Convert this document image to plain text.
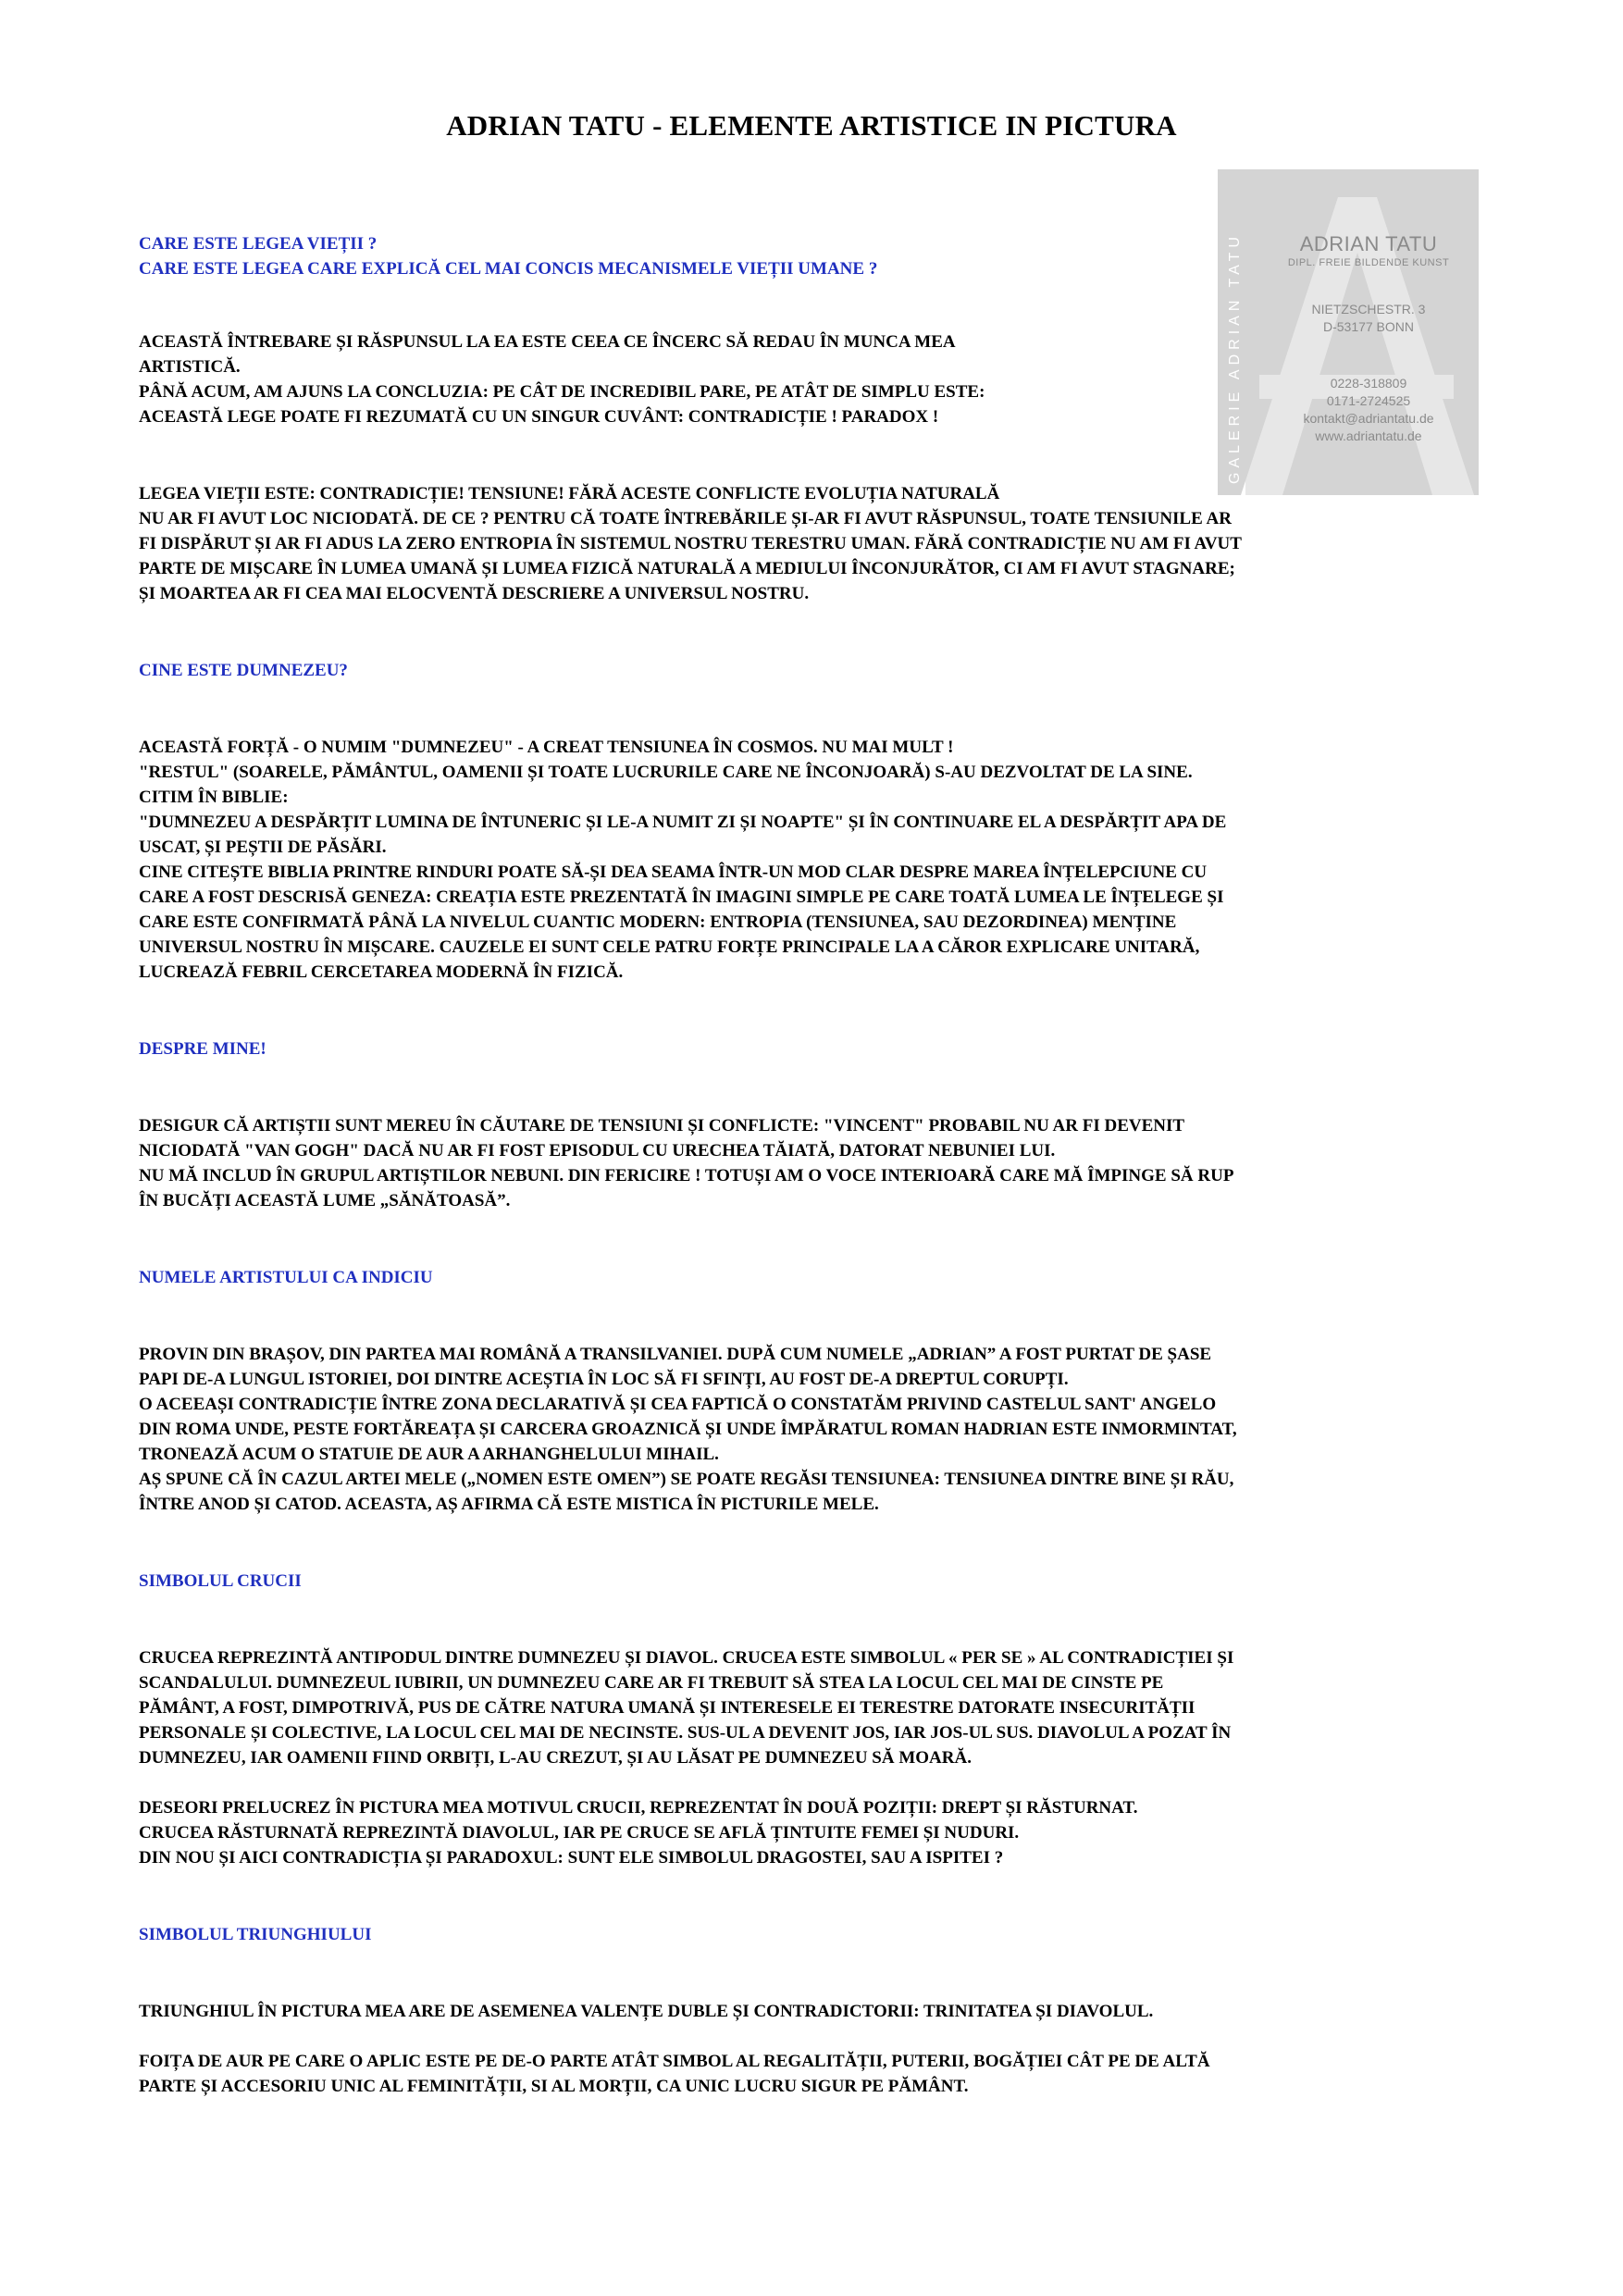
ADRIAN TATU - ELEMENTE ARTISTICE IN PICTURA
GALERIE ADRIAN TATU	ADRIAN TATU
DIPL. FREIE BILDENDE KUNST
NIETZSCHESTR. 3
D-53177 BONN
0228-318809
0171-2724525
kontakt@adriantatu.de
www.adriantatu.de
CARE ESTE LEGEA VIEȚII ?
CARE ESTE LEGEA CARE EXPLICĂ CEL MAI CONCIS MECANISMELE VIEȚII UMANE ?
ACEASTĂ ÎNTREBARE ȘI RĂSPUNSUL LA EA ESTE CEEA CE ÎNCERC SĂ REDAU ÎN MUNCA MEA
ARTISTICĂ.
PÂNĂ ACUM, AM AJUNS LA CONCLUZIA: PE CÂT DE INCREDIBIL PARE, PE ATÂT DE SIMPLU ESTE:
ACEASTĂ LEGE POATE FI REZUMATĂ CU UN SINGUR CUVÂNT: CONTRADICȚIE ! PARADOX !
LEGEA VIEȚII ESTE: CONTRADICȚIE! TENSIUNE! FĂRĂ ACESTE CONFLICTE EVOLUȚIA NATURALĂ
NU AR FI AVUT LOC NICIODATĂ. DE CE ? PENTRU CĂ TOATE ÎNTREBĂRILE ȘI-AR FI AVUT RĂSPUNSUL, TOATE TENSIUNILE AR
FI DISPĂRUT ȘI AR FI ADUS LA ZERO ENTROPIA ÎN SISTEMUL NOSTRU TERESTRU UMAN. FĂRĂ CONTRADICȚIE NU AM FI AVUT
PARTE DE MIȘCARE ÎN LUMEA UMANĂ ȘI LUMEA FIZICĂ NATURALĂ A MEDIULUI ÎNCONJURĂTOR, CI AM FI AVUT STAGNARE;
ȘI MOARTEA AR FI CEA MAI ELOCVENTĂ DESCRIERE A UNIVERSUL NOSTRU.
CINE ESTE DUMNEZEU?
ACEASTĂ FORȚĂ - O NUMIM "DUMNEZEU" - A CREAT TENSIUNEA ÎN COSMOS. NU MAI MULT !
"RESTUL" (SOARELE, PĂMÂNTUL, OAMENII ȘI TOATE LUCRURILE CARE NE ÎNCONJOARĂ) S-AU DEZVOLTAT DE LA SINE.
CITIM ÎN BIBLIE:
"DUMNEZEU A DESPĂRȚIT LUMINA DE ÎNTUNERIC ȘI LE-A NUMIT ZI ȘI NOAPTE" ȘI ÎN CONTINUARE EL A DESPĂRȚIT APA DE
USCAT, ȘI PEȘTII DE PĂSĂRI.
CINE CITEȘTE BIBLIA PRINTRE RINDURI POATE SĂ-ȘI DEA SEAMA ÎNTR-UN MOD CLAR DESPRE MAREA ÎNȚELEPCIUNE CU
CARE A FOST DESCRISĂ GENEZA: CREAȚIA ESTE PREZENTATĂ ÎN IMAGINI SIMPLE PE CARE TOATĂ LUMEA LE ÎNȚELEGE ȘI
CARE ESTE CONFIRMATĂ PÂNĂ LA NIVELUL CUANTIC MODERN: ENTROPIA (TENSIUNEA, SAU DEZORDINEA) MENȚINE
UNIVERSUL NOSTRU ÎN MIȘCARE. CAUZELE EI SUNT CELE PATRU FORȚE PRINCIPALE LA A CĂROR EXPLICARE UNITARĂ,
LUCREAZĂ FEBRIL CERCETAREA MODERNĂ ÎN FIZICĂ.
DESPRE MINE!
DESIGUR CĂ ARTIȘTII SUNT MEREU ÎN CĂUTARE DE TENSIUNI ȘI CONFLICTE: "VINCENT" PROBABIL NU AR FI DEVENIT
NICIODATĂ "VAN GOGH" DACĂ NU AR FI FOST EPISODUL CU URECHEA TĂIATĂ, DATORAT NEBUNIEI LUI.
NU MĂ INCLUD ÎN GRUPUL ARTIȘTILOR NEBUNI. DIN FERICIRE ! TOTUȘI AM O VOCE INTERIOARĂ CARE MĂ ÎMPINGE SĂ RUP
ÎN BUCĂȚI ACEASTĂ LUME „SĂNĂTOASĂ”.
NUMELE ARTISTULUI CA INDICIU
PROVIN DIN BRAȘOV, DIN PARTEA MAI ROMÂNĂ A TRANSILVANIEI. DUPĂ CUM NUMELE „ADRIAN” A FOST PURTAT DE ȘASE
PAPI DE-A LUNGUL ISTORIEI, DOI DINTRE ACEȘTIA ÎN LOC SĂ FI SFINȚI, AU FOST DE-A DREPTUL CORUPȚI.
O ACEEAȘI CONTRADICȚIE ÎNTRE ZONA DECLARATIVĂ ȘI CEA FAPTICĂ O CONSTATĂM PRIVIND CASTELUL SANT' ANGELO
DIN ROMA UNDE, PESTE FORTĂREAȚA ȘI CARCERA GROAZNICĂ ȘI UNDE ÎMPĂRATUL ROMAN HADRIAN ESTE INMORMINTAT,
TRONEAZĂ ACUM O STATUIE DE AUR A ARHANGHELULUI MIHAIL.
AȘ SPUNE CĂ ÎN CAZUL ARTEI MELE („NOMEN ESTE OMEN”) SE POATE REGĂSI TENSIUNEA: TENSIUNEA DINTRE BINE ȘI RĂU,
ÎNTRE ANOD ȘI CATOD. ACEASTA, AȘ AFIRMA CĂ ESTE MISTICA ÎN PICTURILE MELE.
SIMBOLUL CRUCII
CRUCEA REPREZINTĂ ANTIPODUL DINTRE DUMNEZEU ȘI DIAVOL. CRUCEA ESTE SIMBOLUL « PER SE » AL CONTRADICȚIEI ȘI
SCANDALULUI. DUMNEZEUL IUBIRII, UN DUMNEZEU CARE AR FI TREBUIT SĂ STEA LA LOCUL CEL MAI DE CINSTE PE
PĂMÂNT, A FOST, DIMPOTRIVĂ, PUS DE CĂTRE NATURA UMANĂ ȘI INTERESELE EI TERESTRE DATORATE INSECURITĂȚII
PERSONALE ȘI COLECTIVE, LA LOCUL CEL MAI DE NECINSTE. SUS-UL A DEVENIT JOS, IAR JOS-UL SUS. DIAVOLUL A POZAT ÎN
DUMNEZEU, IAR OAMENII FIIND ORBIȚI, L-AU CREZUT, ȘI AU LĂSAT PE DUMNEZEU SĂ MOARĂ.
DESEORI PRELUCREZ ÎN PICTURA MEA MOTIVUL CRUCII, REPREZENTAT ÎN DOUĂ POZIȚII: DREPT ȘI RĂSTURNAT.
CRUCEA RĂSTURNATĂ REPREZINTĂ DIAVOLUL, IAR PE CRUCE SE AFLĂ ȚINTUITE FEMEI ȘI NUDURI.
DIN NOU ȘI AICI CONTRADICȚIA ȘI PARADOXUL: SUNT ELE SIMBOLUL DRAGOSTEI, SAU A ISPITEI ?
SIMBOLUL TRIUNGHIULUI
TRIUNGHIUL ÎN PICTURA MEA ARE DE ASEMENEA VALENȚE DUBLE ȘI CONTRADICTORII: TRINITATEA ȘI DIAVOLUL.
FOIȚA DE AUR PE CARE O APLIC ESTE PE DE-O PARTE ATÂT SIMBOL AL REGALITĂȚII, PUTERII, BOGĂȚIEI CÂT PE DE ALTĂ
PARTE ȘI ACCESORIU UNIC AL FEMINITĂȚII, SI AL MORȚII, CA UNIC LUCRU SIGUR PE PĂMÂNT.
